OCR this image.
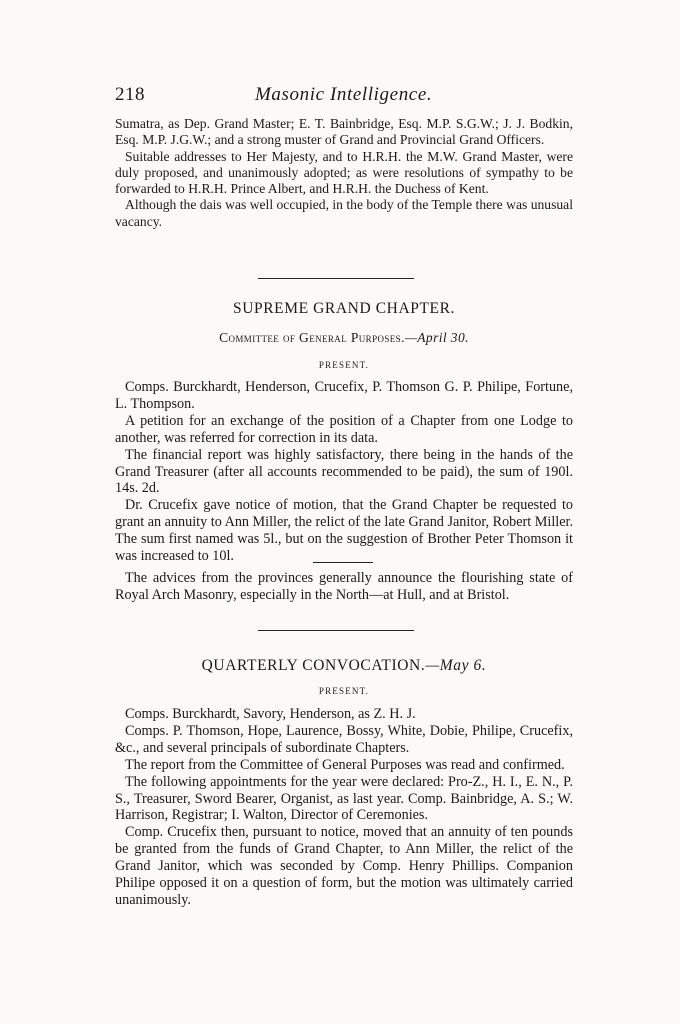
218	Masonic Intelligence.

Sumatra, as Dep. Grand Master; E. T. Bainbridge, Esq. M.P. S.G.W.; J. J. Bodkin, Esq. M.P. J.G.W.; and a strong muster of Grand and Provincial Grand Officers.

Suitable addresses to Her Majesty, and to H.R.H. the M.W. Grand Master, were duly proposed, and unanimously adopted; as were resolutions of sympathy to be forwarded to H.R.H. Prince Albert, and H.R.H. the Duchess of Kent.

Although the dais was well occupied, in the body of the Temple there was unusual vacancy.

SUPREME GRAND CHAPTER.
Committee of General Purposes.—April 30.
PRESENT.

Comps. Burckhardt, Henderson, Crucefix, P. Thomson G. P. Philipe, Fortune, L. Thompson.

A petition for an exchange of the position of a Chapter from one Lodge to another, was referred for correction in its data.

The financial report was highly satisfactory, there being in the hands of the Grand Treasurer (after all accounts recommended to be paid), the sum of 190l. 14s. 2d.

Dr. Crucefix gave notice of motion, that the Grand Chapter be requested to grant an annuity to Ann Miller, the relict of the late Grand Janitor, Robert Miller. The sum first named was 5l., but on the suggestion of Brother Peter Thomson it was increased to 10l.

The advices from the provinces generally announce the flourishing state of Royal Arch Masonry, especially in the North—at Hull, and at Bristol.

QUARTERLY CONVOCATION.—May 6.
PRESENT.

Comps. Burckhardt, Savory, Henderson, as Z. H. J.

Comps. P. Thomson, Hope, Laurence, Bossy, White, Dobie, Philipe, Crucefix, &c., and several principals of subordinate Chapters.

The report from the Committee of General Purposes was read and confirmed.

The following appointments for the year were declared: Pro-Z., H. I., E. N., P. S., Treasurer, Sword Bearer, Organist, as last year. Comp. Bainbridge, A. S.; W. Harrison, Registrar; I. Walton, Director of Ceremonies.

Comp. Crucefix then, pursuant to notice, moved that an annuity of ten pounds be granted from the funds of Grand Chapter, to Ann Miller, the relict of the Grand Janitor, which was seconded by Comp. Henry Phillips. Companion Philipe opposed it on a question of form, but the motion was ultimately carried unanimously.
